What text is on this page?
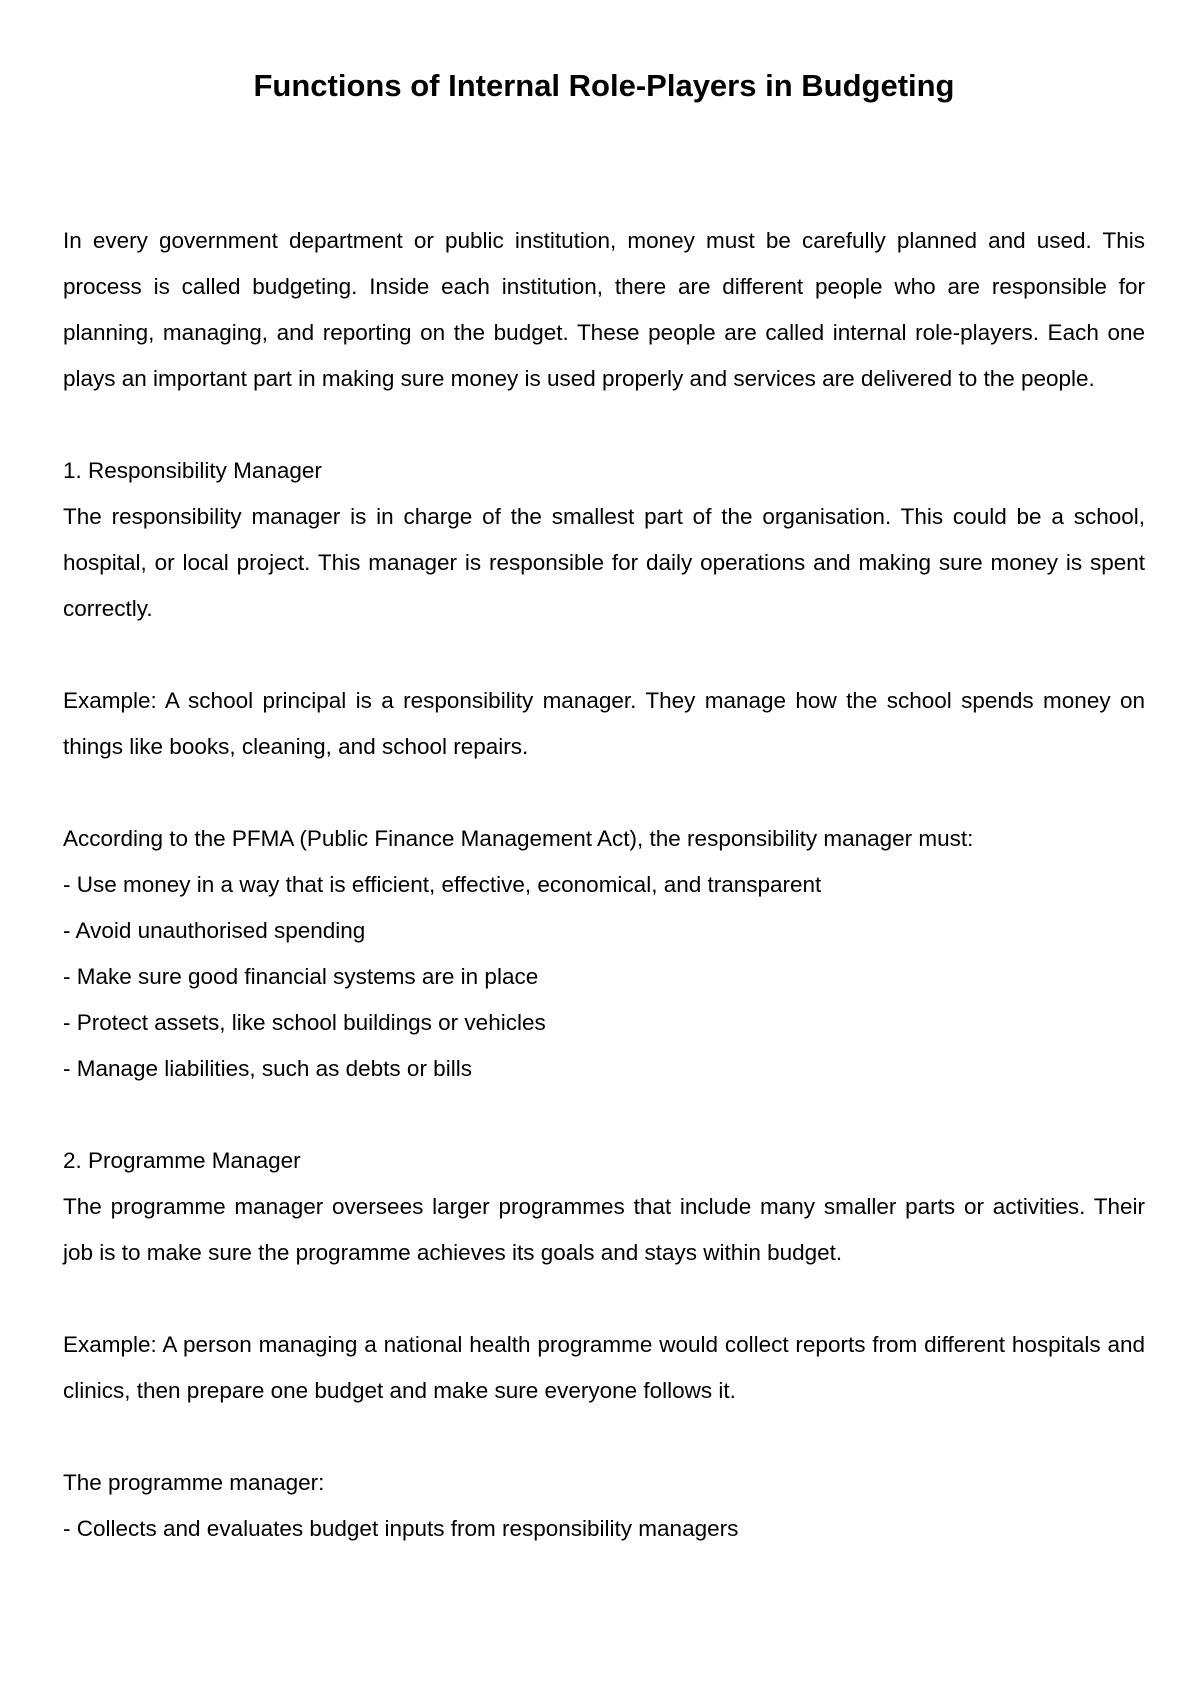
Functions of Internal Role-Players in Budgeting

In every government department or public institution, money must be carefully planned and used. This process is called budgeting. Inside each institution, there are different people who are responsible for planning, managing, and reporting on the budget. These people are called internal role-players. Each one plays an important part in making sure money is used properly and services are delivered to the people.

1. Responsibility Manager

The responsibility manager is in charge of the smallest part of the organisation. This could be a school, hospital, or local project. This manager is responsible for daily operations and making sure money is spent correctly.

Example: A school principal is a responsibility manager. They manage how the school spends money on things like books, cleaning, and school repairs.

According to the PFMA (Public Finance Management Act), the responsibility manager must:

- Use money in a way that is efficient, effective, economical, and transparent
- Avoid unauthorised spending
- Make sure good financial systems are in place
- Protect assets, like school buildings or vehicles
- Manage liabilities, such as debts or bills

2. Programme Manager

The programme manager oversees larger programmes that include many smaller parts or activities. Their job is to make sure the programme achieves its goals and stays within budget.

Example: A person managing a national health programme would collect reports from different hospitals and clinics, then prepare one budget and make sure everyone follows it.

The programme manager:

- Collects and evaluates budget inputs from responsibility managers
